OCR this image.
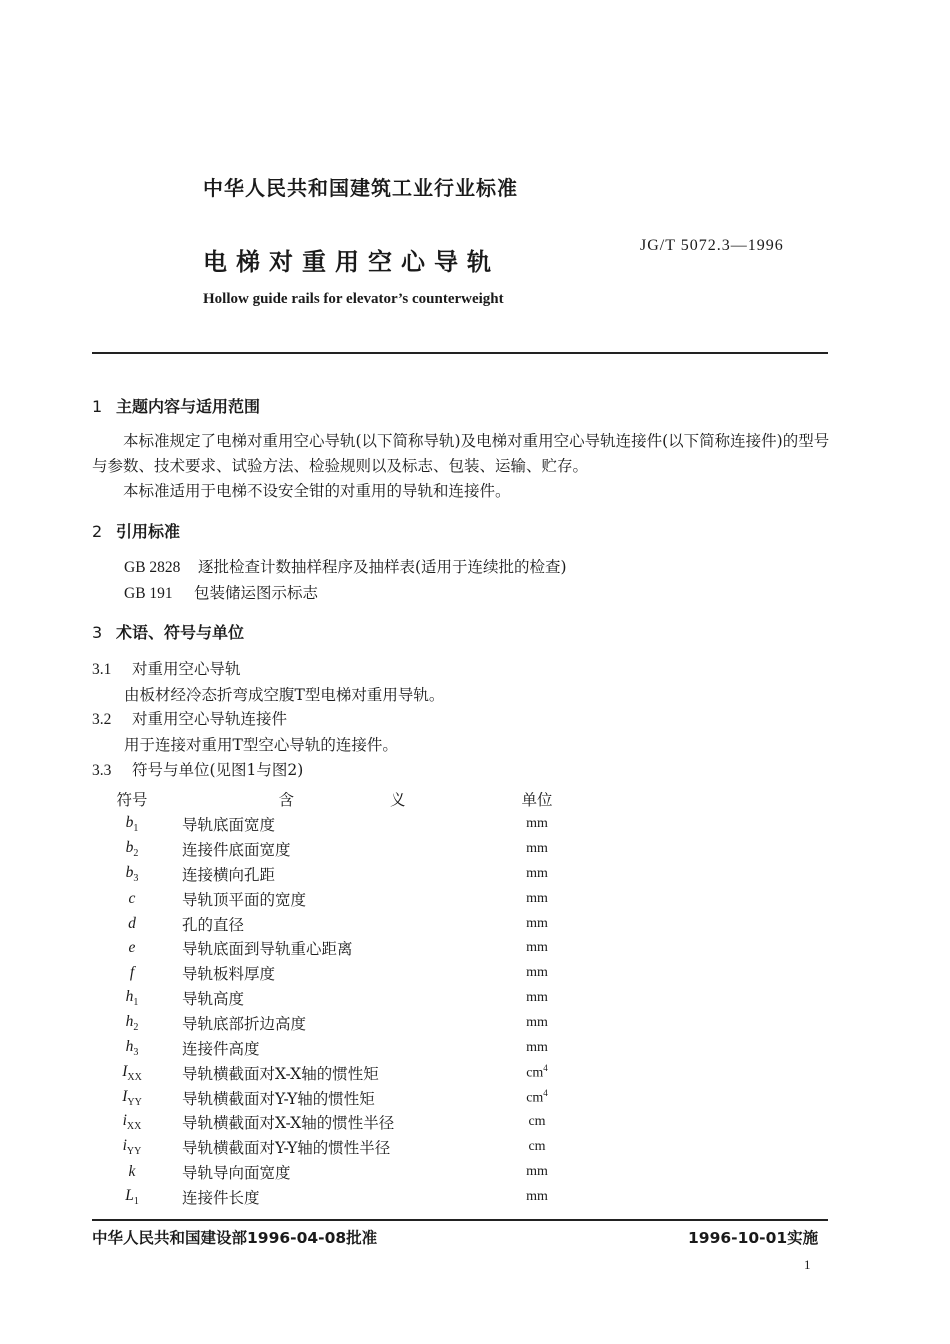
中华人民共和国建筑工业行业标准
JG/T 5072.3—1996
电梯对重用空心导轨
Hollow guide rails for elevator’s counterweight
1 主题内容与适用范围
本标准规定了电梯对重用空心导轨(以下简称导轨)及电梯对重用空心导轨连接件(以下简称连接件)的型号与参数、技术要求、试验方法、检验规则以及标志、包装、运输、贮存。
本标准适用于电梯不设安全钳的对重用的导轨和连接件。
2 引用标准
GB 2828 逐批检查计数抽样程序及抽样表(适用于连续批的检查)
GB 191 包装储运图示标志
3 术语、符号与单位
3.1 对重用空心导轨
由板材经冷态折弯成空腹T型电梯对重用导轨。
3.2 对重用空心导轨连接件
用于连接对重用T型空心导轨的连接件。
3.3 符号与单位(见图1与图2)
符号	含 义	单位
$b_1$	导轨底面宽度	mm
$b_2$	连接件底面宽度	mm
$b_3$	连接横向孔距	mm
c	导轨顶平面的宽度	mm
d	孔的直径	mm
e	导轨底面到导轨重心距离	mm
f	导轨板料厚度	mm
$h_1$	导轨高度	mm
$h_2$	导轨底部折边高度	mm
$h_3$	连接件高度	mm
$I_{XX}$	导轨横截面对X-X轴的惯性矩	$cm^4$
$I_{YY}$	导轨横截面对Y-Y轴的惯性矩	$cm^4$
$i_{XX}$	导轨横截面对X-X轴的惯性半径	cm
$i_{YY}$	导轨横截面对Y-Y轴的惯性半径	cm
k	导轨导向面宽度	mm
$L_1$	连接件长度	mm
中华人民共和国建设部1996-04-08批准	1996-10-01实施
1
